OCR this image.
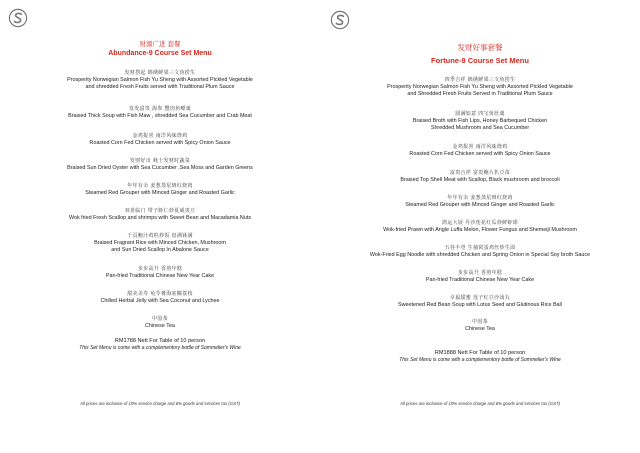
财源广进 套餐
Abundance-9 Course Set Menu
发财捞起 锦绣鲜果三文鱼捞生
Prosperity Norwegian Salmon Fish Yu Sheng with Assorted Pickled Vegetable
and shredded Fresh Fruits served with Traditional Plum Sauce
发发富贵 海参 蟹肉鱼鳔羹
Braised Thick Soup with Fish Maw , shredded Sea Cucumber and Crab Meat
金鸡报喜 南洋风味烧鸡
Roasted Corn Fed Chicken served with Spicy Onion Sauce
发财好市 蚝士发财时蔬菜
Braised Sun Dried Oyster with Sea Cucumber ,Sea Moss and Garden Greens
年年有余 姜葱蒸星斑红烧肉
Steamed Red Grouper with Minced Ginger and Roasted Garlic
双喜临门 带子虾仁炒夏威夷豆
Wok fried Fresh Scallop and shrimps with Sweet Bean and Macadamia Nuts
千页鲍汁鸡粒炒饭 盘满钵满
Braised Fragrant Rice with Minced Chicken, Mushroom
and Sun Dried Scallop In Abalone Sauce
步步高升 香煎年糕
Pan-fried Traditional Chinese New Year Cake
甜美美寿 龟苓膏海底椰荔枝
Chilled Herbal Jelly with Sea Coconut and Lychee
中国茶
Chinese Tea
RM1788 Nett For Table of 10 person
This Set Menu is come with a complementory bottle of Sommelier's Wine
All prices are inclusive of 10% service charge and 6% goods and services tax (GST)
发财好事套餐
Fortune-9 Course Set Menu
四季吉祥 锦绣鲜果三文鱼捞生
Prosperity Norwegian Salmon Fish Yu Sheng with Assorted Pickled Vegetable
and Shredded Fresh Fruits Served in Traditional Plum Sauce
圆满如意 四宝鱼肚羹
Braised Broth with Fish Lips, Honey Barbequed Chicken
Shredded Mushroom and Sea Cucumber
金鸡报喜 南洋风味烧鸡
Roasted Corn Fed Chicken served with Spicy Onion Sauce
富贵吉祥 富贵鲍片扒豆苗
Braised Top Shell Meat with Scallop, Black mushroom and broccoli
年年有余 姜葱蒸星斑红烧肉
Steamed Red Grouper with Minced Ginger and Roasted Garlic
鸿运大展 丹沙莲花红瓜炒鲜虾球
Wok-fried Prawn with Angle Luffa Melon, Flower Fungus and Shemeiji Mushroom
五谷丰登 生抽窝蛋鸡丝炒生面
Wok-Fried Egg Noodle with shredded Chicken and Spring Onion in Special Soy broth Sauce
步步高升 香煎年糕
Pan-fried Traditional Chinese New Year Cake
幸福甜蜜 莲子红豆沙汤丸
Sweetened Red Bean Soup with Lotus Seed and Glutinous Rice Ball
中国茶
Chinese Tea
RM1888 Nett For Table of 10 person
This Set Menu is come with a complementory bottle of Sommelier's Wine
All prices are inclusive of 10% service charge and 6% goods and services tax (GST)
